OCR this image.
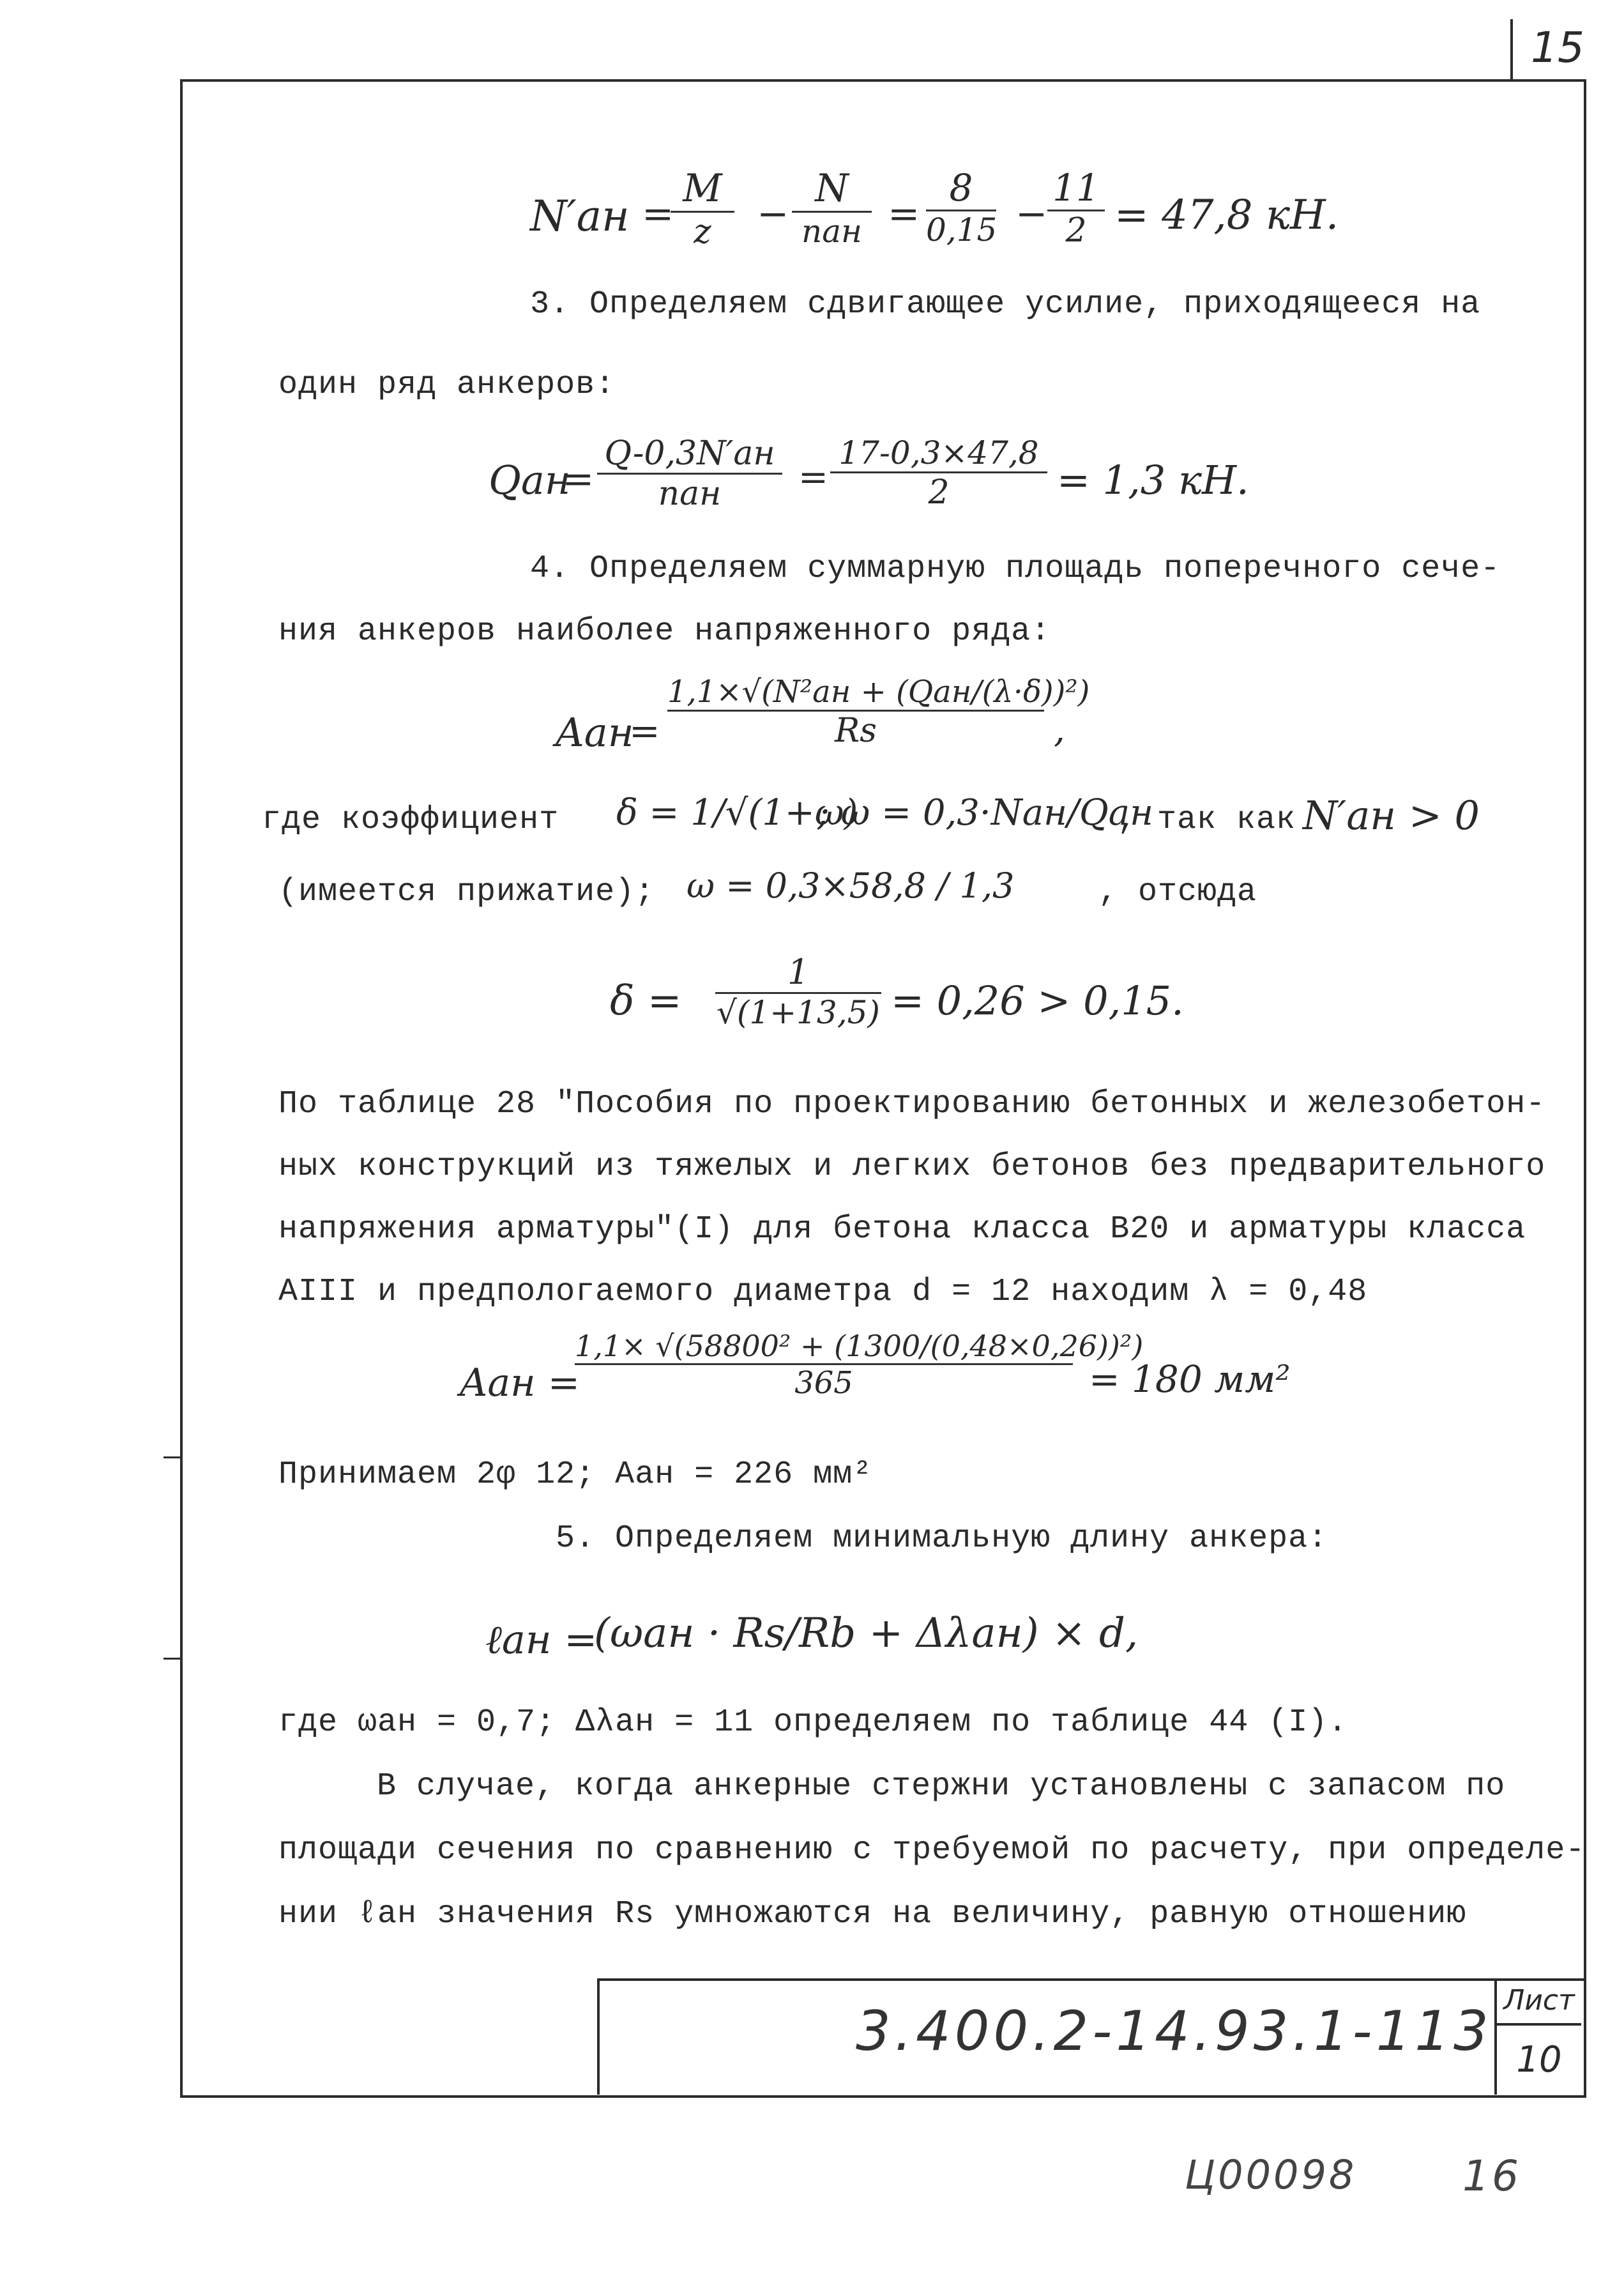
15
N′ан =
M
z	−
N
nан =
8
0,15 −
11
2 = 47,8 кН.
3. Определяем сдвигающее усилие, приходящееся на
один ряд анкеров:
Qан
=
Q-0,3N′ан
nан	=
17-0,3×47,8
2	= 1,3 кН.
4. Определяем суммарную площадь поперечного сече-
ния анкеров наиболее напряженного ряда:
Aан
=
1,1×√(N²ан + (Qан/(λ·δ))²)
Rs	,
где коэффициент δ = 1/√(1+ω)
; ω = 0,3·Nан/Qан
, так как N′ан > 0
(имеется прижатие); ω = 0,3×58,8 / 1,3	, отсюда
δ =
1
√(1+13,5) = 0,26 > 0,15.
По таблице 28 "Пособия по проектированию бетонных и железобетон-
ных конструкций из тяжелых и легких бетонов без предварительного
напряжения арматуры"(I) для бетона класса В20 и арматуры класса
АIII и предпологаемого диаметра d = 12 находим λ = 0,48
Aан =
1,1× √(58800² + (1300/(0,48×0,26))²)
365	= 180 мм²
Принимаем 2φ 12; Aан = 226 мм²
5. Определяем минимальную длину анкера:
ℓан =
(ωан · Rs/Rb + Δλан) × d,
где ωан = 0,7; Δλан = 11 определяем по таблице 44 (I).
В случае, когда анкерные стержни установлены с запасом по
площади сечения по сравнению с требуемой по расчету, при определе-
нии ℓан значения Rs умножаются на величину, равную отношению
3.400.2-14.93.1-113 Лист
10
Ц00098	16
